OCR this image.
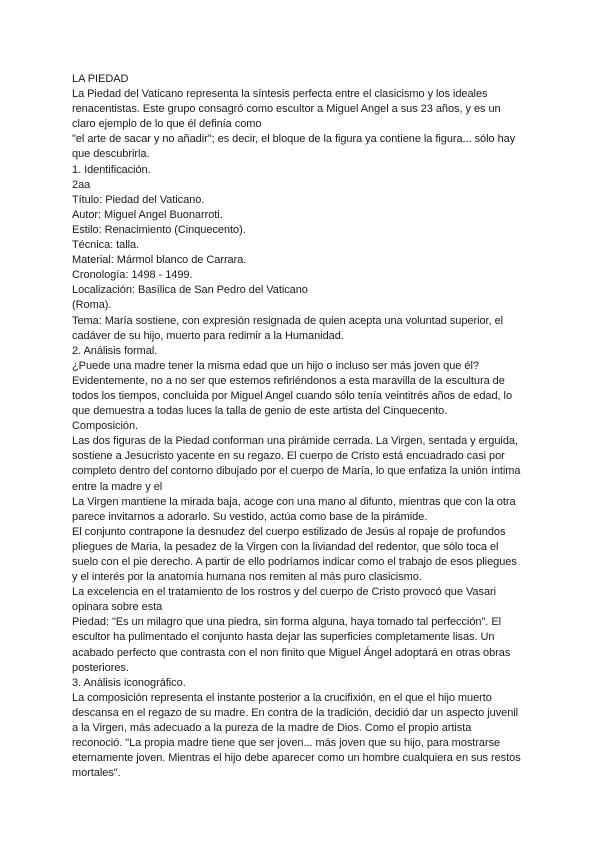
LA PIEDAD

La Piedad del Vaticano representa la síntesis perfecta entre el clasicismo y los ideales renacentistas. Este grupo consagró como escultor a Miguel Angel a sus 23 años, y es un claro ejemplo de lo que él definía como

"el arte de sacar y no añadir"; es decir, el bloque de la figura ya contiene la figura... sólo hay que descubrirla.

1. Identificación.

2aa

Título: Piedad del Vaticano.

Autor: Miguel Angel Buonarroti.

Estilo: Renacimiento (Cinquecento).

Técnica: talla.

Material: Mármol blanco de Carrara.

Cronología: 1498 - 1499.

Localización: Basílica de San Pedro del Vaticano

(Roma).

Tema: María sostiene, con expresión resignada de quien acepta una voluntad superior, el cadáver de su hijo, muerto para redimir a la Humanidad.

2. Análisis formal.

¿Puede una madre tener la misma edad que un hijo o incluso ser más joven que él? Evidentemente, no a no ser que estemos refiriéndonos a esta maravilla de la escultura de todos los tiempos, concluida por Miguel Angel cuando sólo tenía veintitrés años de edad, lo que demuestra a todas luces la talla de genio de este artista del Cinquecento.

Composición.

Las dos figuras de la Piedad conforman una pirámide cerrada. La Virgen, sentada y erguida, sostiene a Jesucristo yacente en su regazo. El cuerpo de Cristo está encuadrado casi por completo dentro del contorno dibujado por el cuerpo de María, lo que enfatiza la unión íntima entre la madre y el

La Virgen mantiene la mirada baja, acoge con una mano al difunto, mientras que con la otra parece invitarnos a adorarlo. Su vestido, actúa como base de la pirámide.

El conjunto contrapone la desnudez del cuerpo estilizado de Jesús al ropaje de profundos pliegues de Maria, la pesadez de la Virgen con la liviandad del redentor, que sólo toca el suelo con el pie derecho. A partir de ello podríamos indicar como el trabajo de esos pliegues y el interés por la anatomía humana nos remiten al más puro clasicismo.

La excelencia en el tratamiento de los rostros y del cuerpo de Cristo provocó que Vasari opinara sobre esta

Piedad: "Es un milagro que una piedra, sin forma alguna, haya tomado tal perfección". El escultor ha pulimentado el conjunto hasta dejar las superficies completamente lisas. Un acabado perfecto que contrasta con el non finito que Miguel Ángel adoptará en otras obras posteriores.

3. Análisis iconográfico.

La composición representa el instante posterior a la crucifixión, en el que el hijo muerto descansa en el regazo de su madre. En contra de la tradición, decidió dar un aspecto juvenil a la Virgen, más adecuado a la pureza de la madre de Dios. Como el propio artista reconoció. "La propia madre tiene que ser joven... más joven que su hijo, para mostrarse eternamente joven. Mientras el hijo debe aparecer como un hombre cualquiera en sus restos mortales".
